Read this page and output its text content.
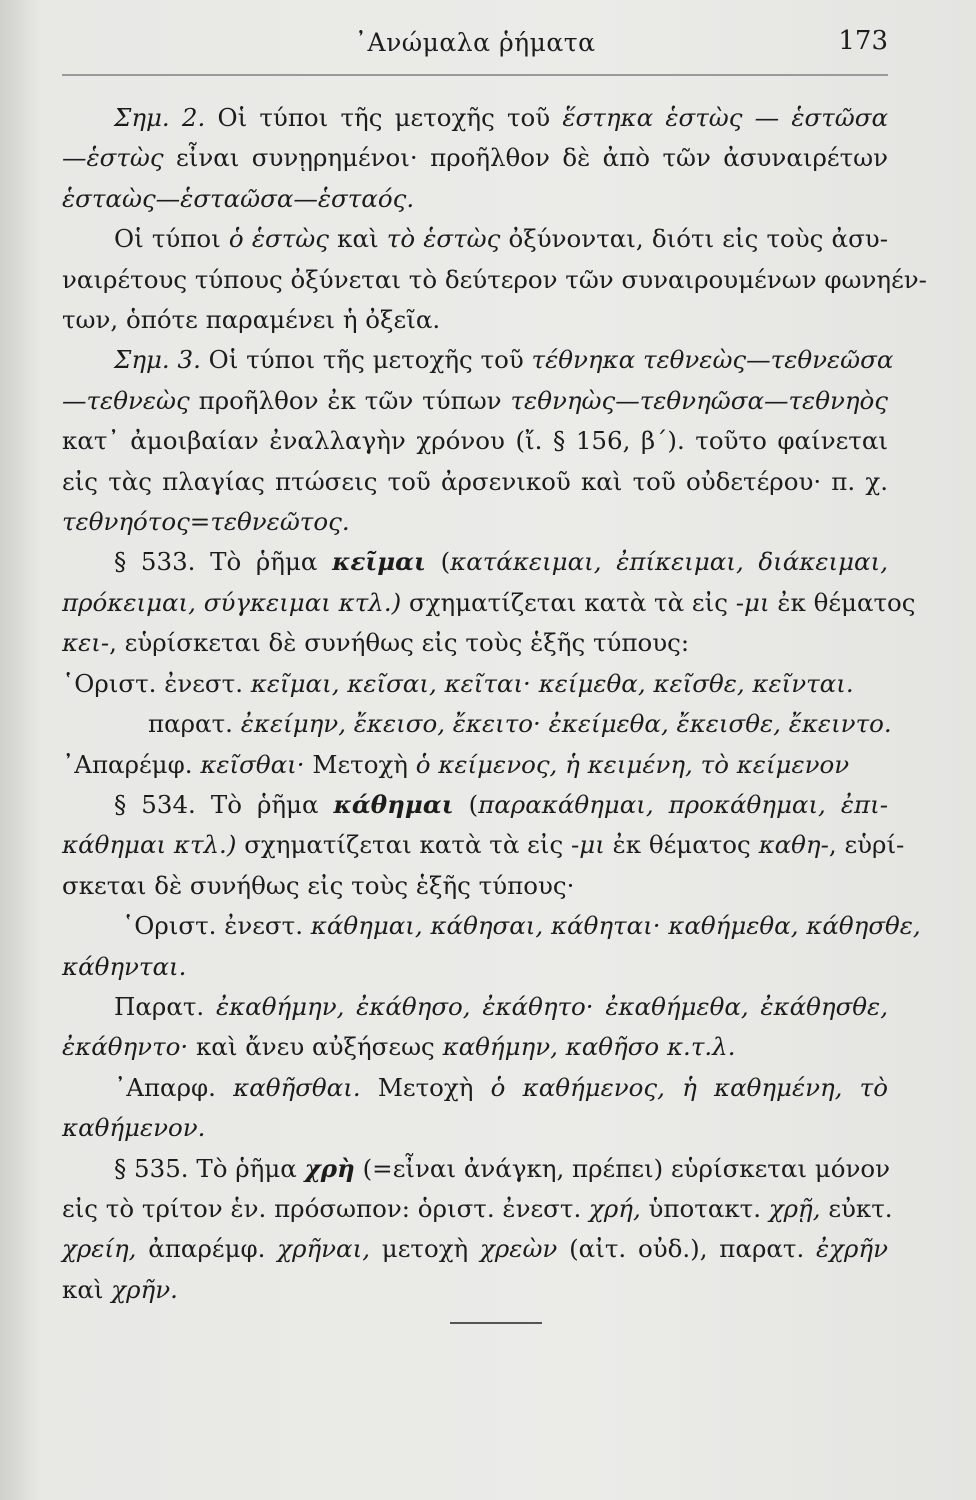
᾿Ανώμαλα ῥήματα	173
Σημ. 2. Οἱ τύποι τῆς μετοχῆς τοῦ ἕστηκα ἑστὼς — ἑστῶσα
—ἑστὼς εἶναι συνῃρημένοι· προῆλθον δὲ ἀπὸ τῶν ἀσυναιρέτων
ἑσταὼς—ἑσταῶσα—ἑσταός.
Οἱ τύποι ὁ ἑστὼς καὶ τὸ ἑστὼς ὀξύνονται, διότι εἰς τοὺς ἀσυ-
ναιρέτους τύπους ὀξύνεται τὸ δεύτερον τῶν συναιρουμένων φωνηέν-
των, ὁπότε παραμένει ἡ ὀξεῖα.
Σημ. 3. Οἱ τύποι τῆς μετοχῆς τοῦ τέθνηκα τεθνεὼς—τεθνεῶσα
—τεθνεὼς προῆλθον ἐκ τῶν τύπων τεθνηὼς—τεθνηῶσα—τεθνηὸς
κατ᾿ ἀμοιβαίαν ἐναλλαγὴν χρόνου (ἴ. § 156, β΄). τοῦτο φαίνεται
εἰς τὰς πλαγίας πτώσεις τοῦ ἀρσενικοῦ καὶ τοῦ οὐδετέρου· π. χ.
τεθνηότος=τεθνεῶτος.
§ 533. Τὸ ῥῆμα κεῖμαι (κατάκειμαι, ἐπίκειμαι, διάκειμαι,
πρόκειμαι, σύγκειμαι κτλ.) σχηματίζεται κατὰ τὰ εἰς -μι ἐκ θέματος
κει-, εὑρίσκεται δὲ συνήθως εἰς τοὺς ἑξῆς τύπους:
῾Οριστ. ἐνεστ. κεῖμαι, κεῖσαι, κεῖται· κείμεθα, κεῖσθε, κεῖνται.
παρατ. ἐκείμην, ἔκεισο, ἔκειτο· ἐκείμεθα, ἔκεισθε, ἔκειντο.
᾿Απαρέμφ. κεῖσθαι· Μετοχὴ ὁ κείμενος, ἡ κειμένη, τὸ κείμενον
§ 534. Τὸ ῥῆμα κάθημαι (παρακάθημαι, προκάθημαι, ἐπι-
κάθημαι κτλ.) σχηματίζεται κατὰ τὰ εἰς -μι ἐκ θέματος καθη-, εὑρί-
σκεται δὲ συνήθως εἰς τοὺς ἑξῆς τύπους·
῾Οριστ. ἐνεστ. κάθημαι, κάθησαι, κάθηται· καθήμεθα, κάθησθε,
κάθηνται.
Παρατ. ἐκαθήμην, ἐκάθησο, ἐκάθητο· ἐκαθήμεθα, ἐκάθησθε,
ἐκάθηντο· καὶ ἄνευ αὐξήσεως καθήμην, καθῆσο κ.τ.λ.
᾿Απαρφ. καθῆσθαι. Μετοχὴ ὁ καθήμενος, ἡ καθημένη, τὸ
καθήμενον.
§ 535. Τὸ ῥῆμα χρὴ (=εἶναι ἀνάγκη, πρέπει) εὑρίσκεται μόνον
εἰς τὸ τρίτον ἑν. πρόσωπον: ὁριστ. ἐνεστ. χρή, ὑποτακτ. χρῇ, εὐκτ.
χρείη, ἀπαρέμφ. χρῆναι, μετοχὴ χρεὼν (αἰτ. οὐδ.), παρατ. ἐχρῆν
καὶ χρῆν.
